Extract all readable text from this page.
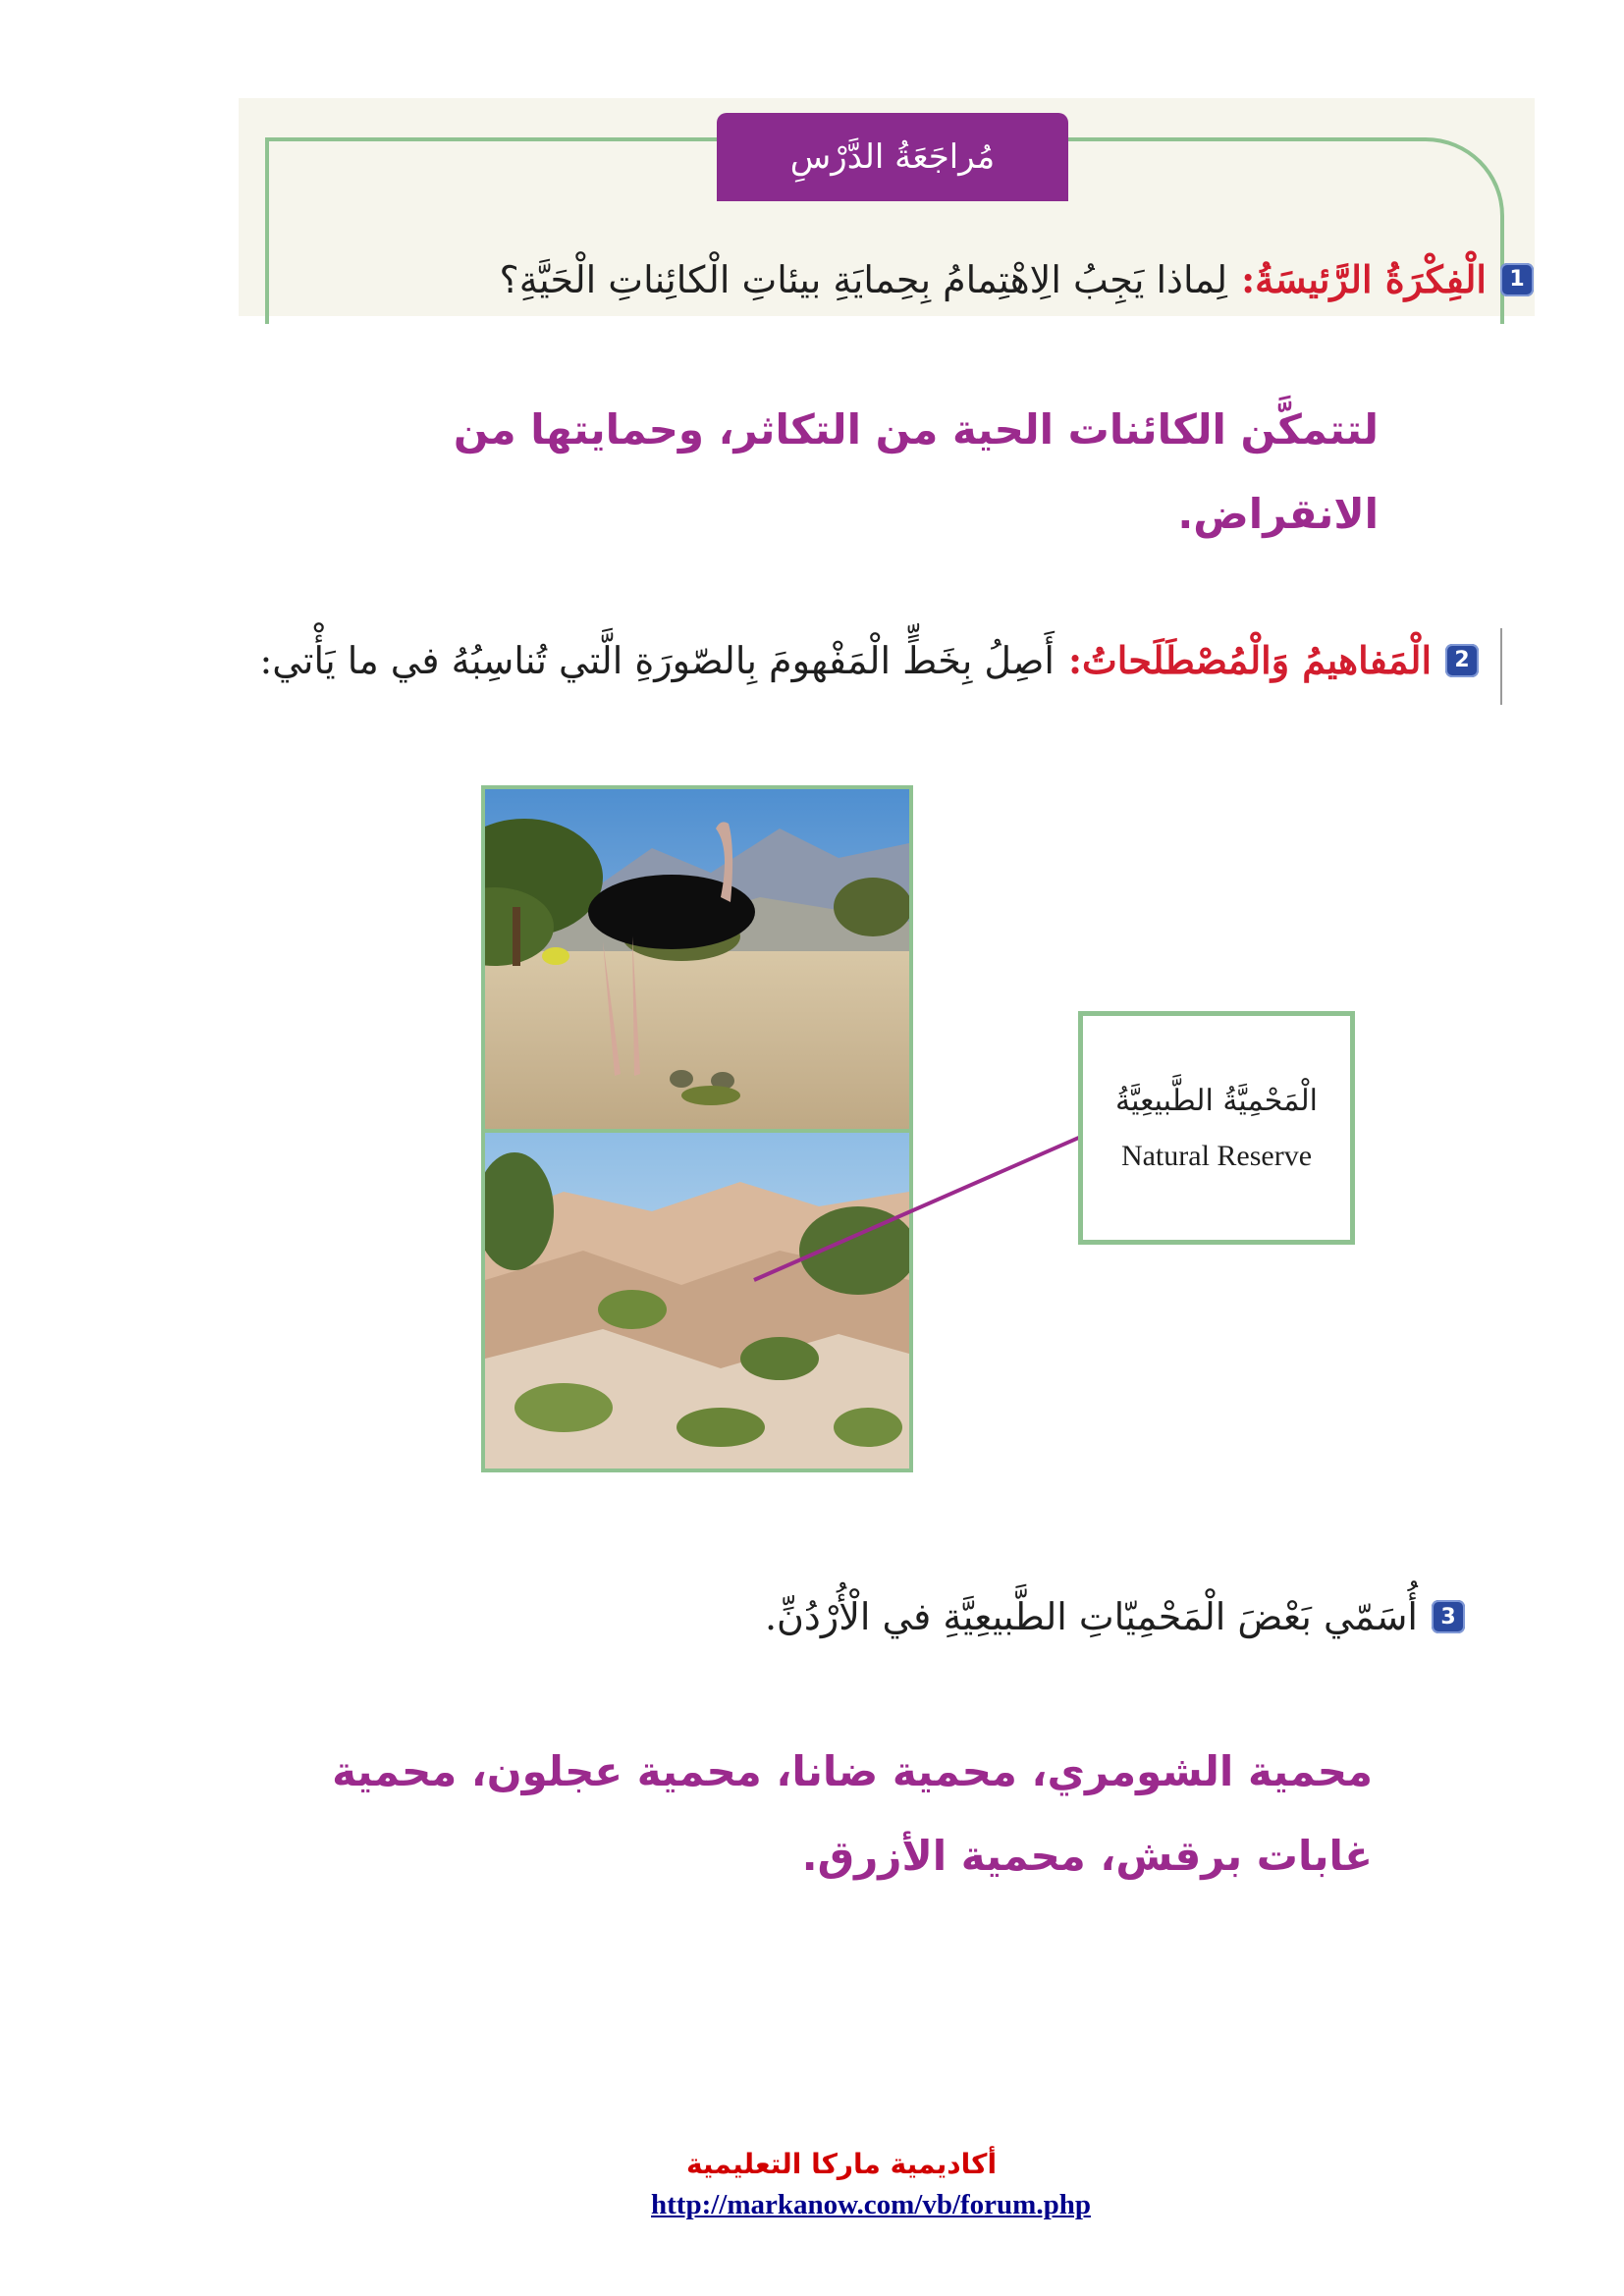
مُراجَعَةُ الدَّرْسِ
1
الْفِكْرَةُ الرَّئيسَةُ:
لِماذا يَجِبُ الِاهْتِمامُ بِحِمايَةِ بيئاتِ الْكائِناتِ الْحَيَّةِ؟
لتتمكَّن الكائنات الحية من التكاثر، وحمايتها من
الانقراض.
2
الْمَفاهيمُ وَالْمُصْطَلَحاتُ:
أَصِلُ بِخَطٍّ الْمَفْهومَ بِالصّورَةِ الَّتي تُناسِبُهُ في ما يَأْتي:
الْمَحْمِيَّةُ الطَّبيعِيَّةُ
Natural Reserve
3
أُسَمّي بَعْضَ الْمَحْمِيّاتِ الطَّبيعِيَّةِ في الْأُرْدُنِّ.
محمية الشومري، محمية ضانا، محمية عجلون، محمية
غابات برقش، محمية الأزرق.
أكاديمية ماركا التعليمية
http://markanow.com/vb/forum.php
